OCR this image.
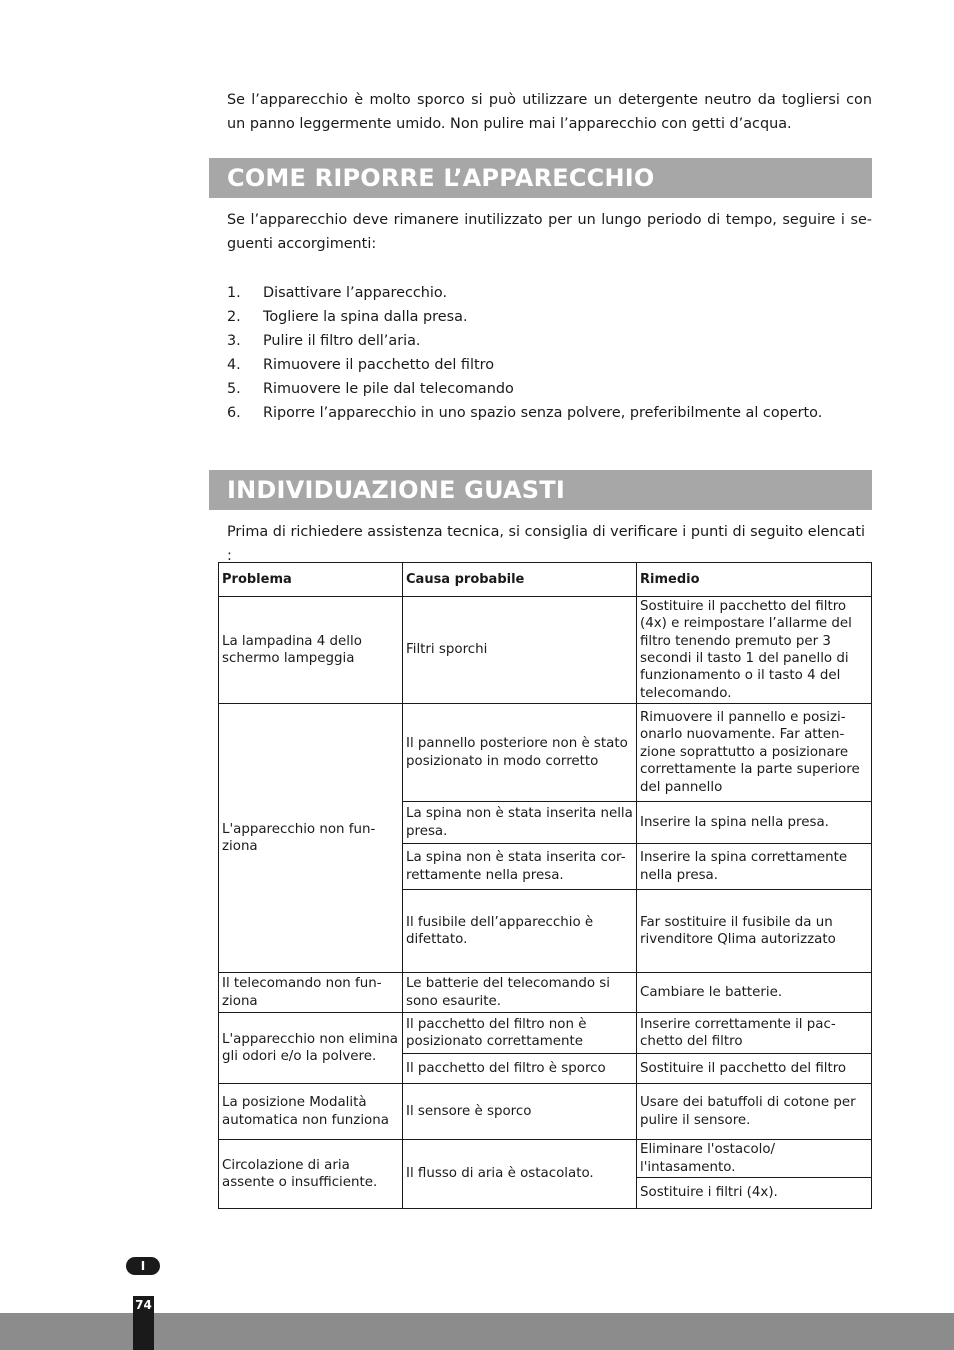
Se l’apparecchio è molto sporco si può utilizzare un detergente neutro da togliersi con un panno leggermente umido. Non pulire mai l’apparecchio con getti d’acqua.

COME RIPORRE L’APPARECCHIO

Se l’apparecchio deve rimanere inutilizzato per un lungo periodo di tempo, seguire i se-guenti accorgimenti:

1. Disattivare l’apparecchio.
2. Togliere la spina dalla presa.
3. Pulire il filtro dell’aria.
4. Rimuovere il pacchetto del filtro
5. Rimuovere le pile dal telecomando
6. Riporre l’apparecchio in uno spazio senza polvere, preferibilmente al coperto.
INDIVIDUAZIONE GUASTI

Prima di richiedere assistenza tecnica, si consiglia di verificare i punti di seguito elencati :

Problema	Causa probabile	Rimedio
La lampadina 4 dello schermo lampeggia	Filtri sporchi	Sostituire il pacchetto del filtro (4x) e reimpostare l’allarme del filtro tenendo premuto per 3 secondi il tasto 1 del panello di funzionamento o il tasto 4 del telecomando.
L'apparecchio non fun-ziona	Il pannello posteriore non è stato posizionato in modo corretto	Rimuovere il pannello e posizi-onarlo nuovamente. Far atten-zione soprattutto a posizionare correttamente la parte superiore del pannello
	La spina non è stata inserita nella presa.	Inserire la spina nella presa.
	La spina non è stata inserita cor-rettamente nella presa.	Inserire la spina correttamente nella presa.
	Il fusibile dell’apparecchio è difettato.	Far sostituire il fusibile da un rivenditore Qlima autorizzato
Il telecomando non fun-ziona	Le batterie del telecomando si sono esaurite.	Cambiare le batterie.
L'apparecchio non elimina gli odori e/o la polvere.	Il pacchetto del filtro non è posizionato correttamente	Inserire correttamente il pac-chetto del filtro
	Il pacchetto del filtro è sporco	Sostituire il pacchetto del filtro
La posizione Modalità automatica non funziona	Il sensore è sporco	Usare dei batuffoli di cotone per pulire il sensore.
Circolazione di aria assente o insufficiente.	Il flusso di aria è ostacolato.	Eliminare l'ostacolo/ l'intasamento.
		Sostituire i filtri (4x).
I
74
